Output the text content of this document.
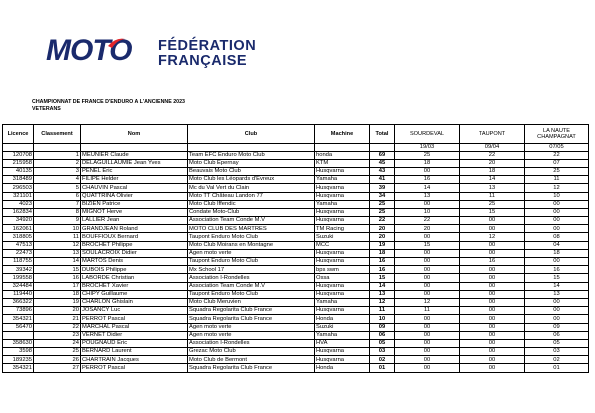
MOTO FÉDÉRATION
FRANÇAISE
CHAMPIONNAT DE FRANCE D'ENDURO A L'ANCIENNE 2023
VETERANS
Licence	Classement	Nom	Club	Machine	Total	SOURDEVAL	TAUPONT	LA NAUTE
CHAMPAGNAT

						19/03	09/04	07/05
120708	1	MEUNIER Claude	Team EFC Enduro Moto Club	honda	69	25	22	22
215958	2	DELAGUILLAUMIE Jean Yves	Moto Club Epernay	KTM	45	18	20	07
40135	3	PENEL Eric	Beauvais Moto Club	Husqvarna	43	00	18	25
318489	4	FILIPE Helder	Moto Club les Léopards d'Evreux	Yamaha	41	16	14	11
296503	5	CHAUVIN Pascal	Mc du Val Vert du Clain	Husqvarna	39	14	13	12
321101	6	QUATTRINA Olivier	Moto TT Château Landon 77	Husqvarna	34	13	11	10
4023	7	BIZIEN Patrice	Moto Club Iffendic	Yamaha	25	00	25	00
162834	8	MIGNOT Herve	Condate Moto-Club	Husqvarna	25	10	15	00
34920	9	LALLIER Jean	Association Team Conde M.V	Husqvarna	22	22	00	00
162061	10	GRANDJEAN Roland	MOTO CLUB DES MARTRES	TM Racing	20	20	00	00
318805	11	BOUFFIOUX Bernard	Taupont Enduro Moto Club	Suzuki	20	00	12	08
47513	12	BROCHET Philippe	Moto Club Moirans en Montagne	MCC	19	15	00	04
22473	13	SOULACROIX Didier	Agen moto verte	Husqvarna	18	00	00	18
118755	14	MARTOS Denis	Taupont Enduro Moto Club	Husqvarna	16	00	16	00
39342	15	DUBOIS Philippe	Mx School 17	bps swm	16	00	00	16
199558	16	LABORDE Christian	Association I-Rondelles	Ossa	15	00	00	15
324484	17	BROCHET Xavier	Association Team Conde M.V	Husqvarna	14	00	00	14
119440	18	CHIPY Guillaume	Taupont Enduro Moto Club	Husqvarna	13	00	00	13
366322	19	CHARLON Ghislain	Moto Club Meruvien	Yamaha	12	12	00	00
73896	20	JOSANCY Luc	Squadra Regolarita Club France	Husqvarna	11	11	00	00
354321	21	PERROT Pascal	Squadra Regolarita Club France	Honda	10	00	00	00
56470	22	MARCHAL Pascal	Agen moto verte	Suzuki	09	00	00	09
	23	VERNET Didier	Agen moto verte	Yamaha	06	00	00	06
358630	24	POUGNAUD Eric	Association I-Rondelles	HVA	05	00	00	05
3598	25	BERNARD Laurent	Grezac Moto Club	Husqvarna	03	00	00	03
189235	26	CHARTRAIN Jacques	Moto Club de Bermont	Husqvarna	02	00	00	02
354321	27	PERROT Pascal	Squadra Regolarita Club France	Honda	01	00	00	01
